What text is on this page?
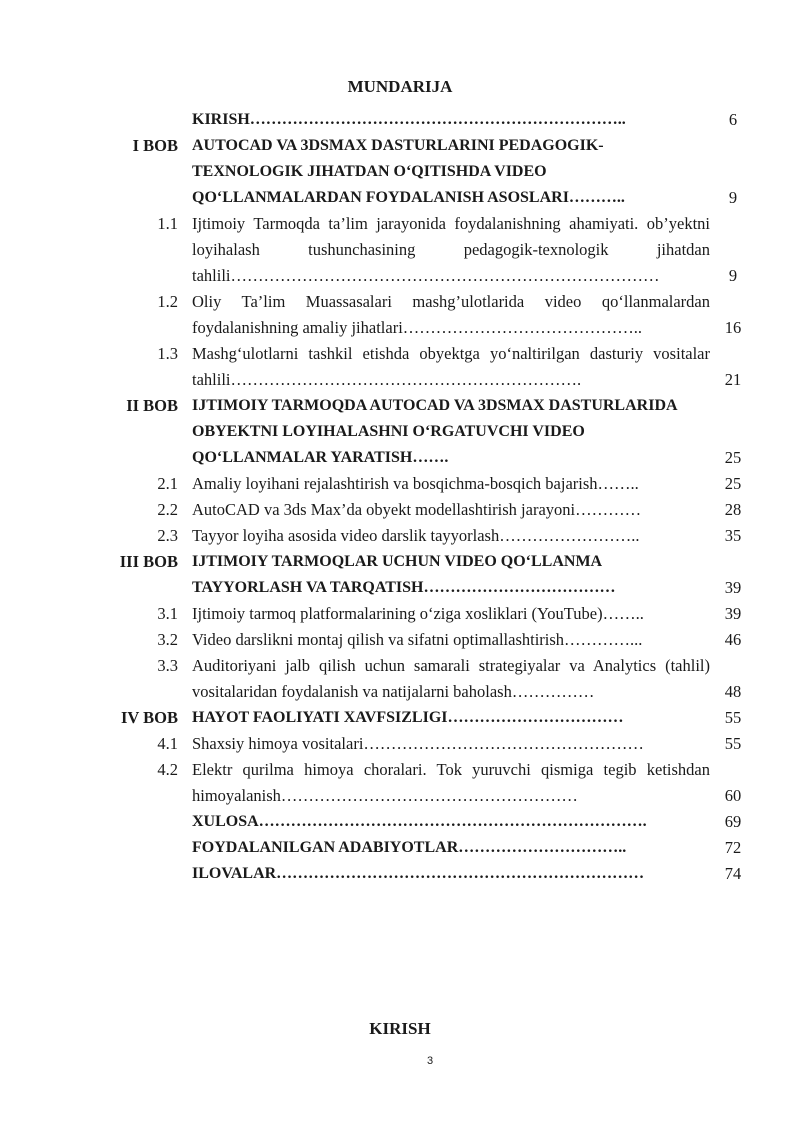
MUNDARIJA
KIRISH……………………………………………………………..	6
I BOB AUTOCAD VA 3DSMAX DASTURLARINI PEDAGOGIK-TEXNOLOGIK JIHATDAN O‘QITISHDA VIDEO QO‘LLANMALARDAN FOYDALANISH ASOSLARI………..	9
1.1 Ijtimoiy Tarmoqda ta’lim jarayonida foydalanishning ahamiyati. ob’yektni loyihalash tushunchasining pedagogik-texnologik jihatdan tahlili……………………………………………………………………	9
1.2 Oliy Ta’lim Muassasalari mashg’ulotlarida video qo‘llanmalardan foydalanishning amaliy jihatlari……………………………………..	16
1.3 Mashg‘ulotlarni tashkil etishda obyektga yo‘naltirilgan dasturiy vositalar tahlili……………………………………………………….	21
II BOB IJTIMOIY TARMOQDA AUTOCAD VA 3DSMAX DASTURLARIDA OBYEKTNI LOYIHALASHNI O‘RGATUVCHI VIDEO QO‘LLANMALAR YARATISH…….	25
2.1 Amaliy loyihani rejalashtirish va bosqichma-bosqich bajarish……..	25
2.2 AutoCAD va 3ds Max’da obyekt modellashtirish jarayoni…………	28
2.3 Tayyor loyiha asosida video darslik tayyorlash……………………..	35
III BOB IJTIMOIY TARMOQLAR UCHUN VIDEO QO‘LLANMA TAYYORLASH VA TARQATISH………………………………	39
3.1 Ijtimoiy tarmoq platformalarining o‘ziga xosliklari (YouTube)……..	39
3.2 Video darslikni montaj qilish va sifatni optimallashtirish…………...	46
3.3 Auditoriyani jalb qilish uchun samarali strategiyalar va Analytics (tahlil) vositalaridan foydalanish va natijalarni baholash……………	48
IV BOB HAYOT FAOLIYATI XAVFSIZLIGI……………………………	55
4.1 Shaxsiy himoya vositalari……………………………………………	55
4.2 Elektr qurilma himoya choralari. Tok yuruvchi qismiga tegib ketishdan himoyalanish………………………………………………	60
XULOSA……………………………………………………………….	69
FOYDALANILGAN ADABIYOTLAR…………………………..	72
ILOVALAR……………………………………………………………	74
KIRISH
3
